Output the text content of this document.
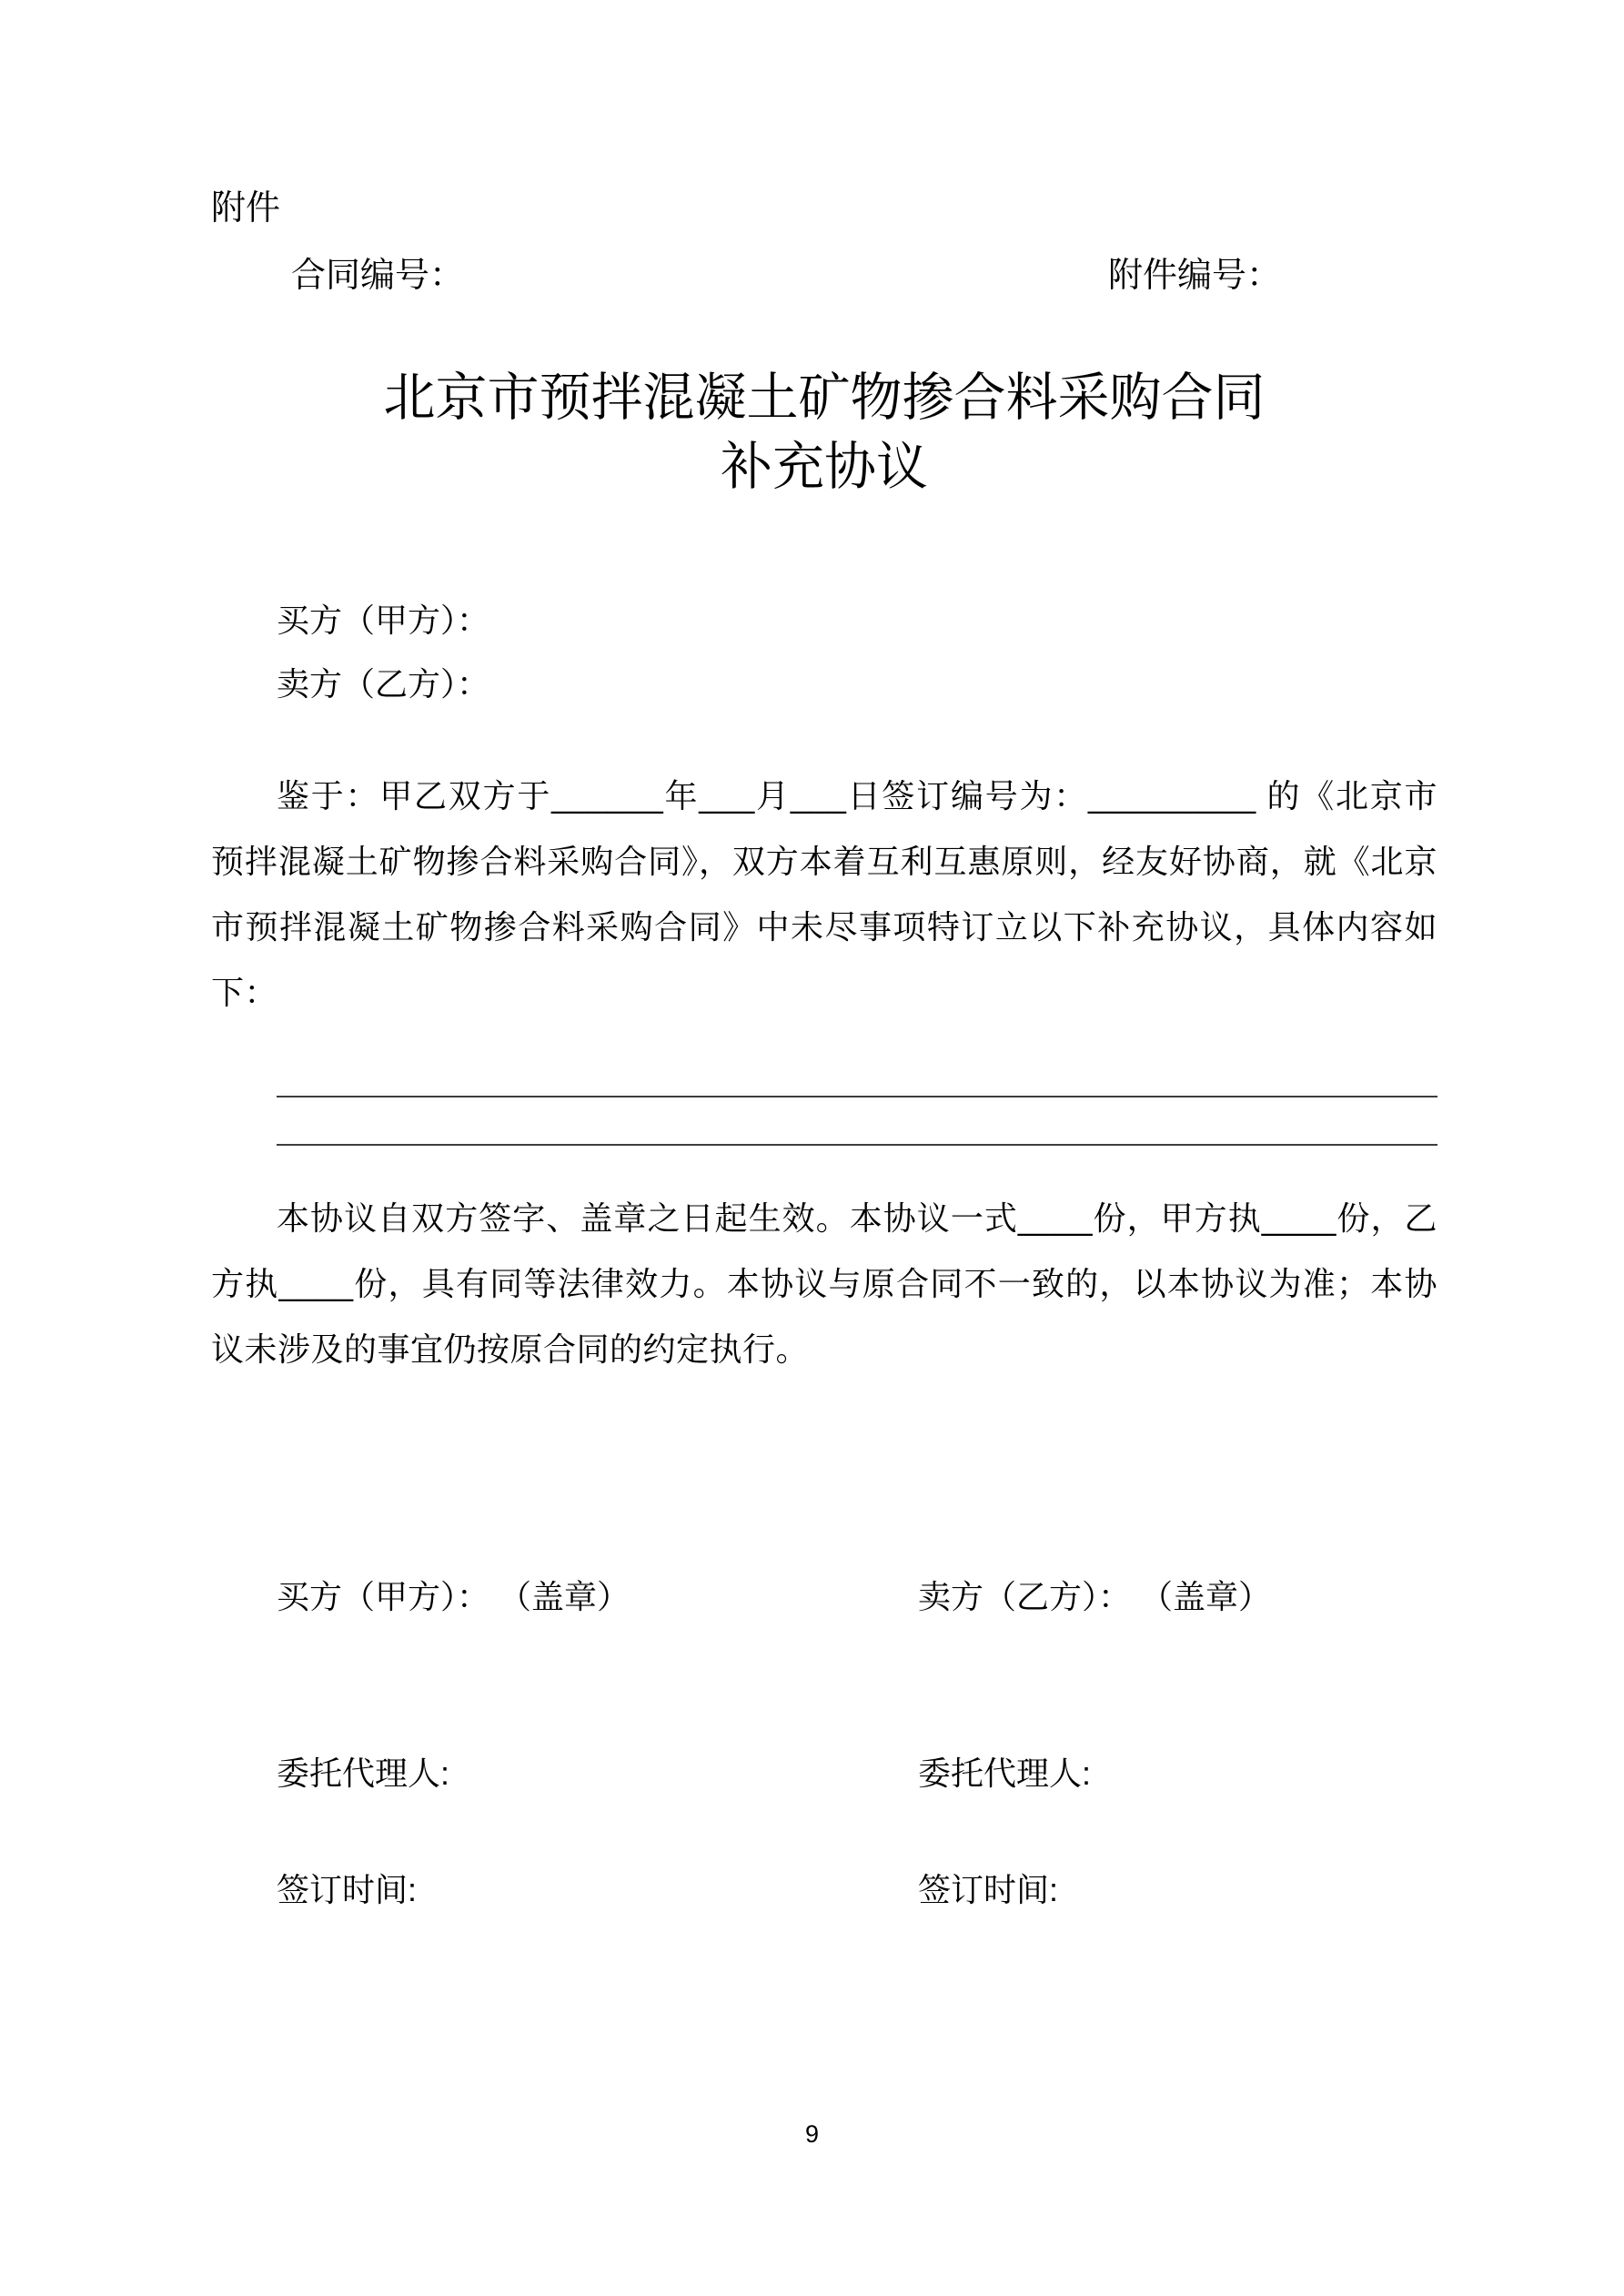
附件
合同编号：	附件编号：
北京市预拌混凝土矿物掺合料采购合同
补充协议
买方（甲方）：
卖方（乙方）：
鉴于：甲乙双方于______年___月___日签订编号为：_________ 的《北京市预拌混凝土矿物掺合料采购合同》，双方本着互利互惠原则，经友好协商，就《北京市预拌混凝土矿物掺合料采购合同》中未尽事项特订立以下补充协议，具体内容如下：
本协议自双方签字、盖章之日起生效。本协议一式____份，甲方执____份，乙方执____份，具有同等法律效力。本协议与原合同不一致的，以本协议为准；本协议未涉及的事宜仍按原合同的约定执行。
买方（甲方）： （盖章）	卖方（乙方）： （盖章）
委托代理人:	委托代理人:
签订时间:	签订时间:
9
